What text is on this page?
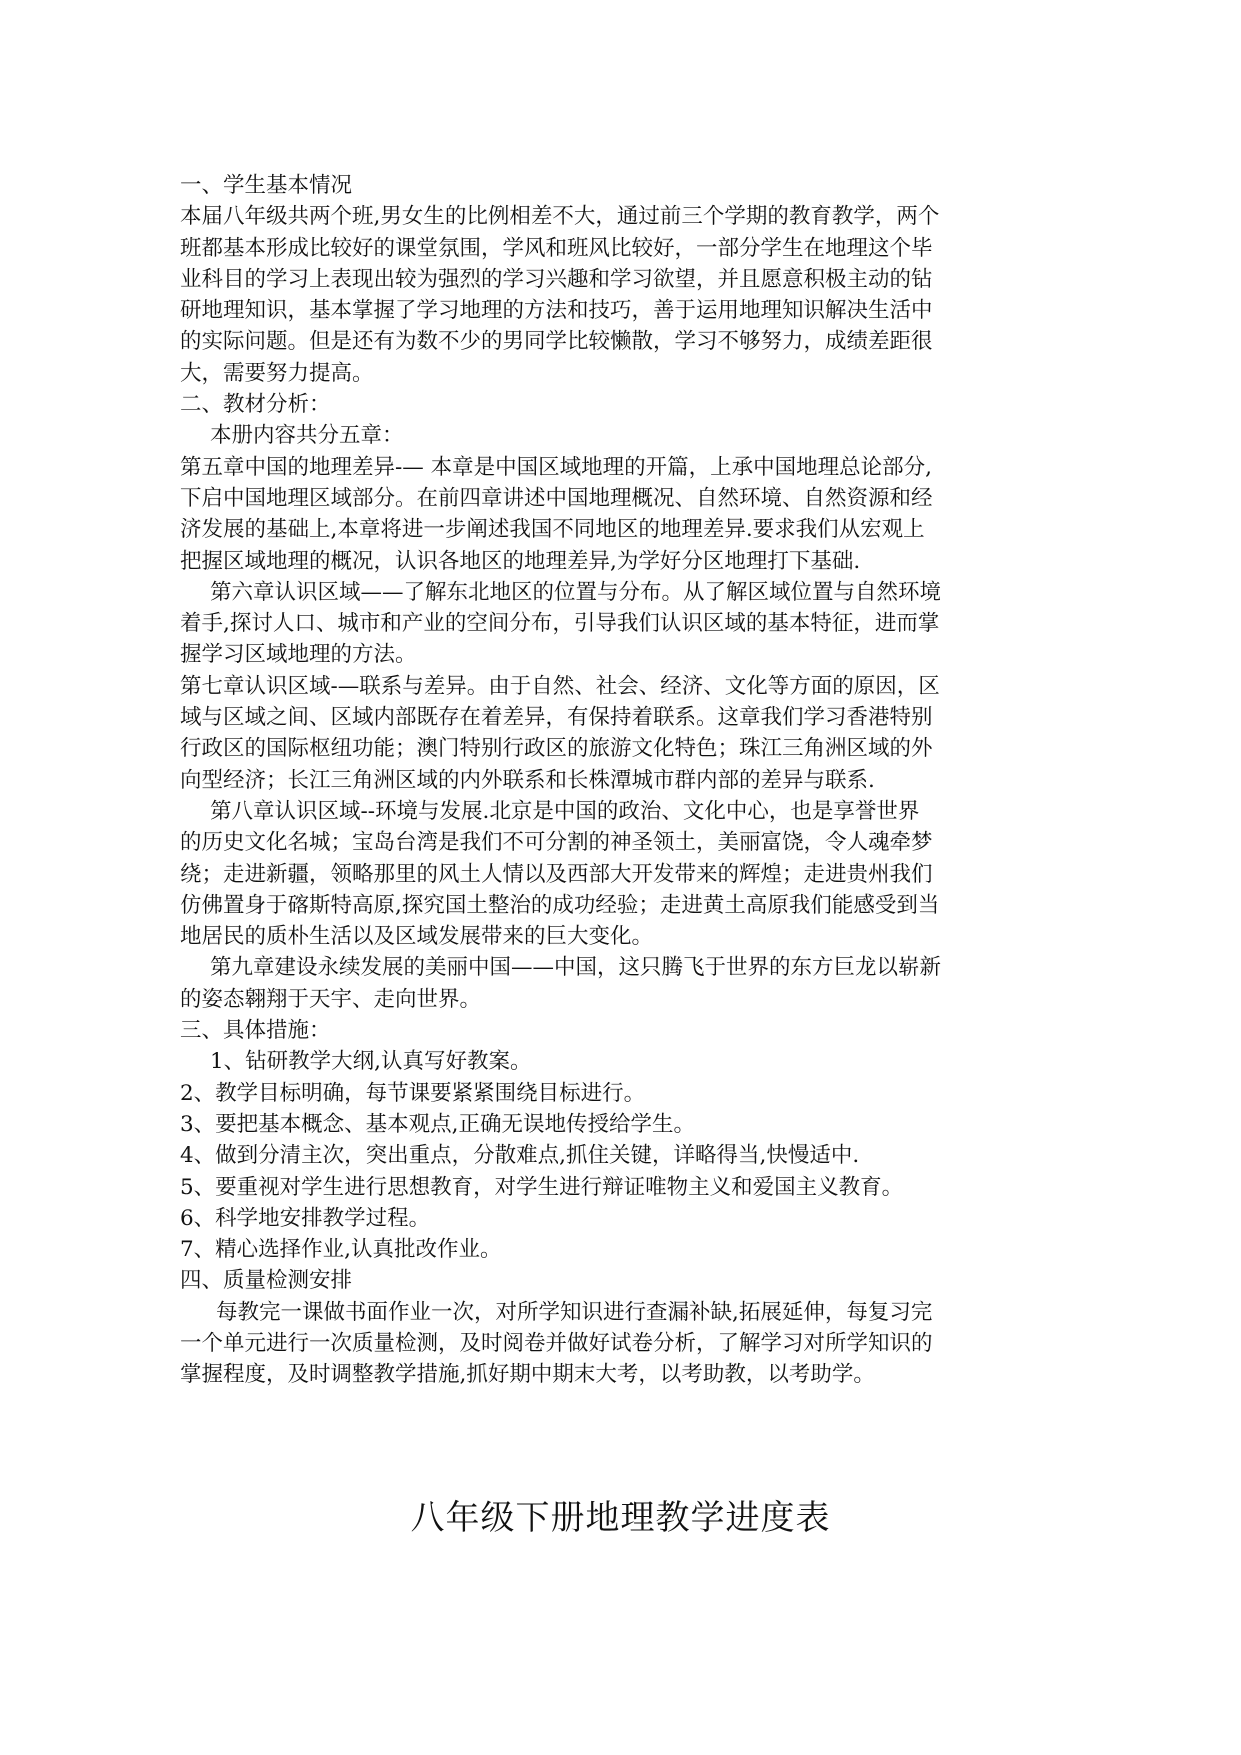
一、学生基本情况

本届八年级共两个班,男女生的比例相差不大，通过前三个学期的教育教学，两个

班都基本形成比较好的课堂氛围，学风和班风比较好，一部分学生在地理这个毕

业科目的学习上表现出较为强烈的学习兴趣和学习欲望，并且愿意积极主动的钻

研地理知识，基本掌握了学习地理的方法和技巧，善于运用地理知识解决生活中

的实际问题。但是还有为数不少的男同学比较懒散，学习不够努力，成绩差距很

大，需要努力提高。

二、教材分析：

本册内容共分五章：

第五章中国的地理差异-— 本章是中国区域地理的开篇，上承中国地理总论部分,

下启中国地理区域部分。在前四章讲述中国地理概况、自然环境、自然资源和经

济发展的基础上,本章将进一步阐述我国不同地区的地理差异.要求我们从宏观上

把握区域地理的概况，认识各地区的地理差异,为学好分区地理打下基础.

第六章认识区域——了解东北地区的位置与分布。从了解区域位置与自然环境

着手,探讨人口、城市和产业的空间分布，引导我们认识区域的基本特征，进而掌

握学习区域地理的方法。

第七章认识区域-—联系与差异。由于自然、社会、经济、文化等方面的原因，区

域与区域之间、区域内部既存在着差异，有保持着联系。这章我们学习香港特别

行政区的国际枢纽功能；澳门特别行政区的旅游文化特色；珠江三角洲区域的外

向型经济；长江三角洲区域的内外联系和长株潭城市群内部的差异与联系.

第八章认识区域--环境与发展.北京是中国的政治、文化中心，也是享誉世界

的历史文化名城；宝岛台湾是我们不可分割的神圣领土，美丽富饶，令人魂牵梦

绕；走进新疆，领略那里的风土人情以及西部大开发带来的辉煌；走进贵州我们

仿佛置身于碦斯特高原,探究国土整治的成功经验；走进黄土高原我们能感受到当

地居民的质朴生活以及区域发展带来的巨大变化。

第九章建设永续发展的美丽中国——中国，这只腾飞于世界的东方巨龙以崭新

的姿态翱翔于天宇、走向世界。

三、具体措施：

1、钻研教学大纲,认真写好教案。

2、教学目标明确，每节课要紧紧围绕目标进行。

3、要把基本概念、基本观点,正确无误地传授给学生。

4、做到分清主次，突出重点，分散难点,抓住关键，详略得当,快慢适中.

5、要重视对学生进行思想教育，对学生进行辩证唯物主义和爱国主义教育。

6、科学地安排教学过程。

7、精心选择作业,认真批改作业。

四、质量检测安排

每教完一课做书面作业一次，对所学知识进行查漏补缺,拓展延伸，每复习完

一个单元进行一次质量检测，及时阅卷并做好试卷分析，了解学习对所学知识的

掌握程度，及时调整教学措施,抓好期中期末大考，以考助教，以考助学。

八年级下册地理教学进度表
